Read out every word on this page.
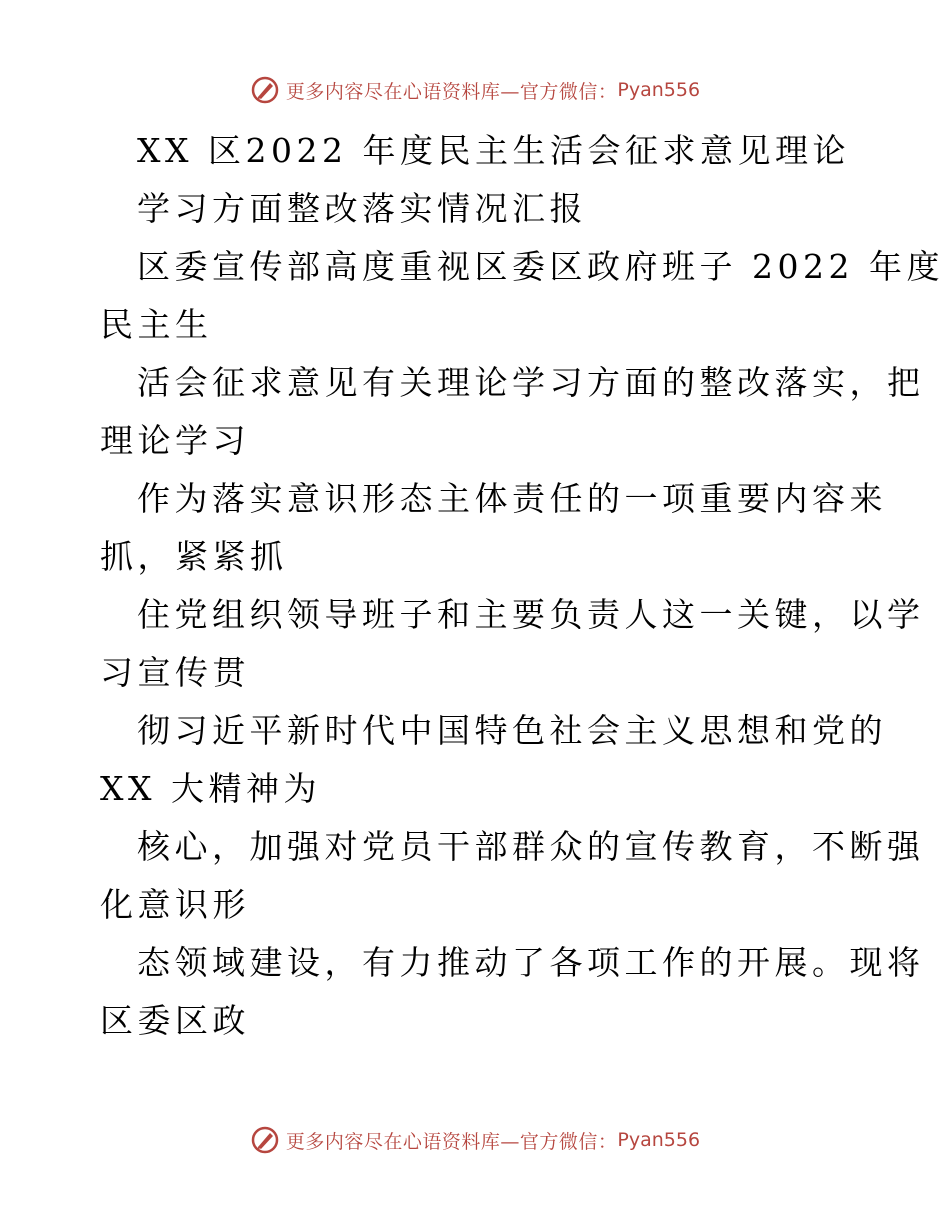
更多内容尽在心语资料库—官方微信： Pyan556
XX 区2022 年度民主生活会征求意见理论
学习方面整改落实情况汇报
区委宣传部高度重视区委区政府班子 2022 年度
民主生
活会征求意见有关理论学习方面的整改落实，把
理论学习
作为落实意识形态主体责任的一项重要内容来
抓，紧紧抓
住党组织领导班子和主要负责人这一关键，以学
习宣传贯
彻习近平新时代中国特色社会主义思想和党的
XX 大精神为
核心，加强对党员干部群众的宣传教育，不断强
化意识形
态领域建设，有力推动了各项工作的开展。现将
区委区政
更多内容尽在心语资料库—官方微信： Pyan556
